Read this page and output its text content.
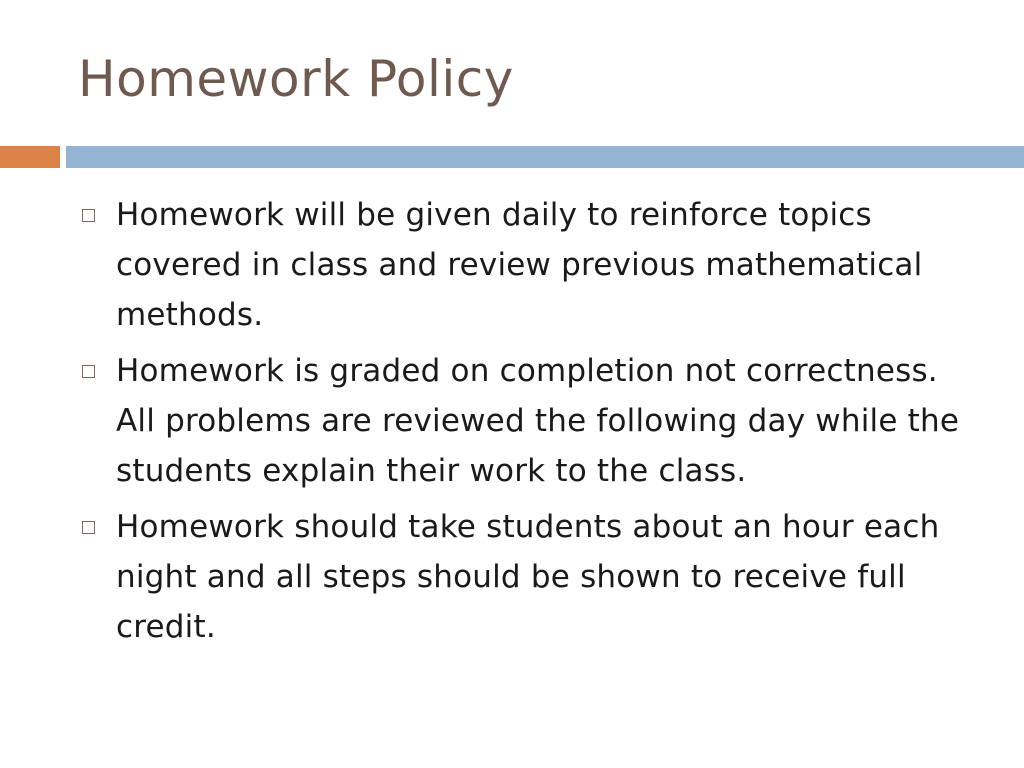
Homework Policy
Homework will be given daily to reinforce topics covered in class and review previous mathematical methods.
Homework is graded on completion not correctness. All problems are reviewed the following day while the students explain their work to the class.
Homework should take students about an hour each night and all steps should be shown to receive full credit.
